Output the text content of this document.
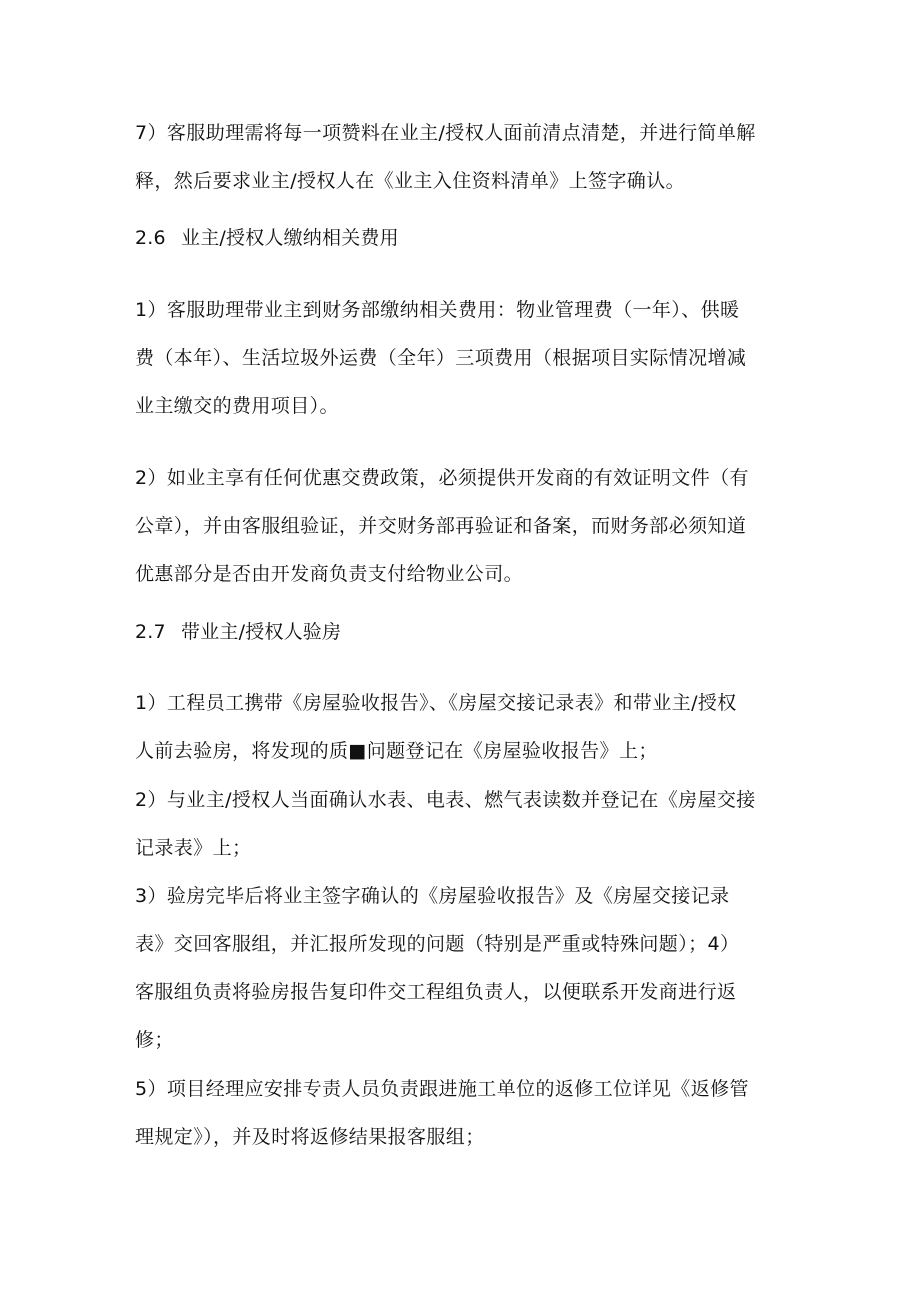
7）客服助理需将每一项赞料在业主/授权人面前清点清楚，并进行简单解
释，然后要求业主/授权人在《业主入住资料清单》上签字确认。
2.6 业主/授权人缴纳相关费用
1）客服助理带业主到财务部缴纳相关费用：物业管理费（一年）、供暖
费（本年）、生活垃圾外运费（全年）三项费用（根据项目实际情况增减
业主缴交的费用项目）。
2）如业主享有任何优惠交费政策，必须提供开发商的有效证明文件（有
公章），并由客服组验证，并交财务部再验证和备案，而财务部必须知道
优惠部分是否由开发商负责支付给物业公司。
2.7 带业主/授权人验房
1）工程员工携带《房屋验收报告》、《房屋交接记录表》和带业主/授权
人前去验房，将发现的质■问题登记在《房屋验收报告》上；
2）与业主/授权人当面确认水表、电表、燃气表读数并登记在《房屋交接
记录表》上；
3）验房完毕后将业主签字确认的《房屋验收报告》及《房屋交接记录
表》交回客服组，并汇报所发现的问题（特别是严重或特殊问题）；4）
客服组负责将验房报告复印件交工程组负责人，以便联系开发商进行返
修；
5）项目经理应安排专责人员负责跟进施工单位的返修工位详见《返修管
理规定》），并及时将返修结果报客服组；
